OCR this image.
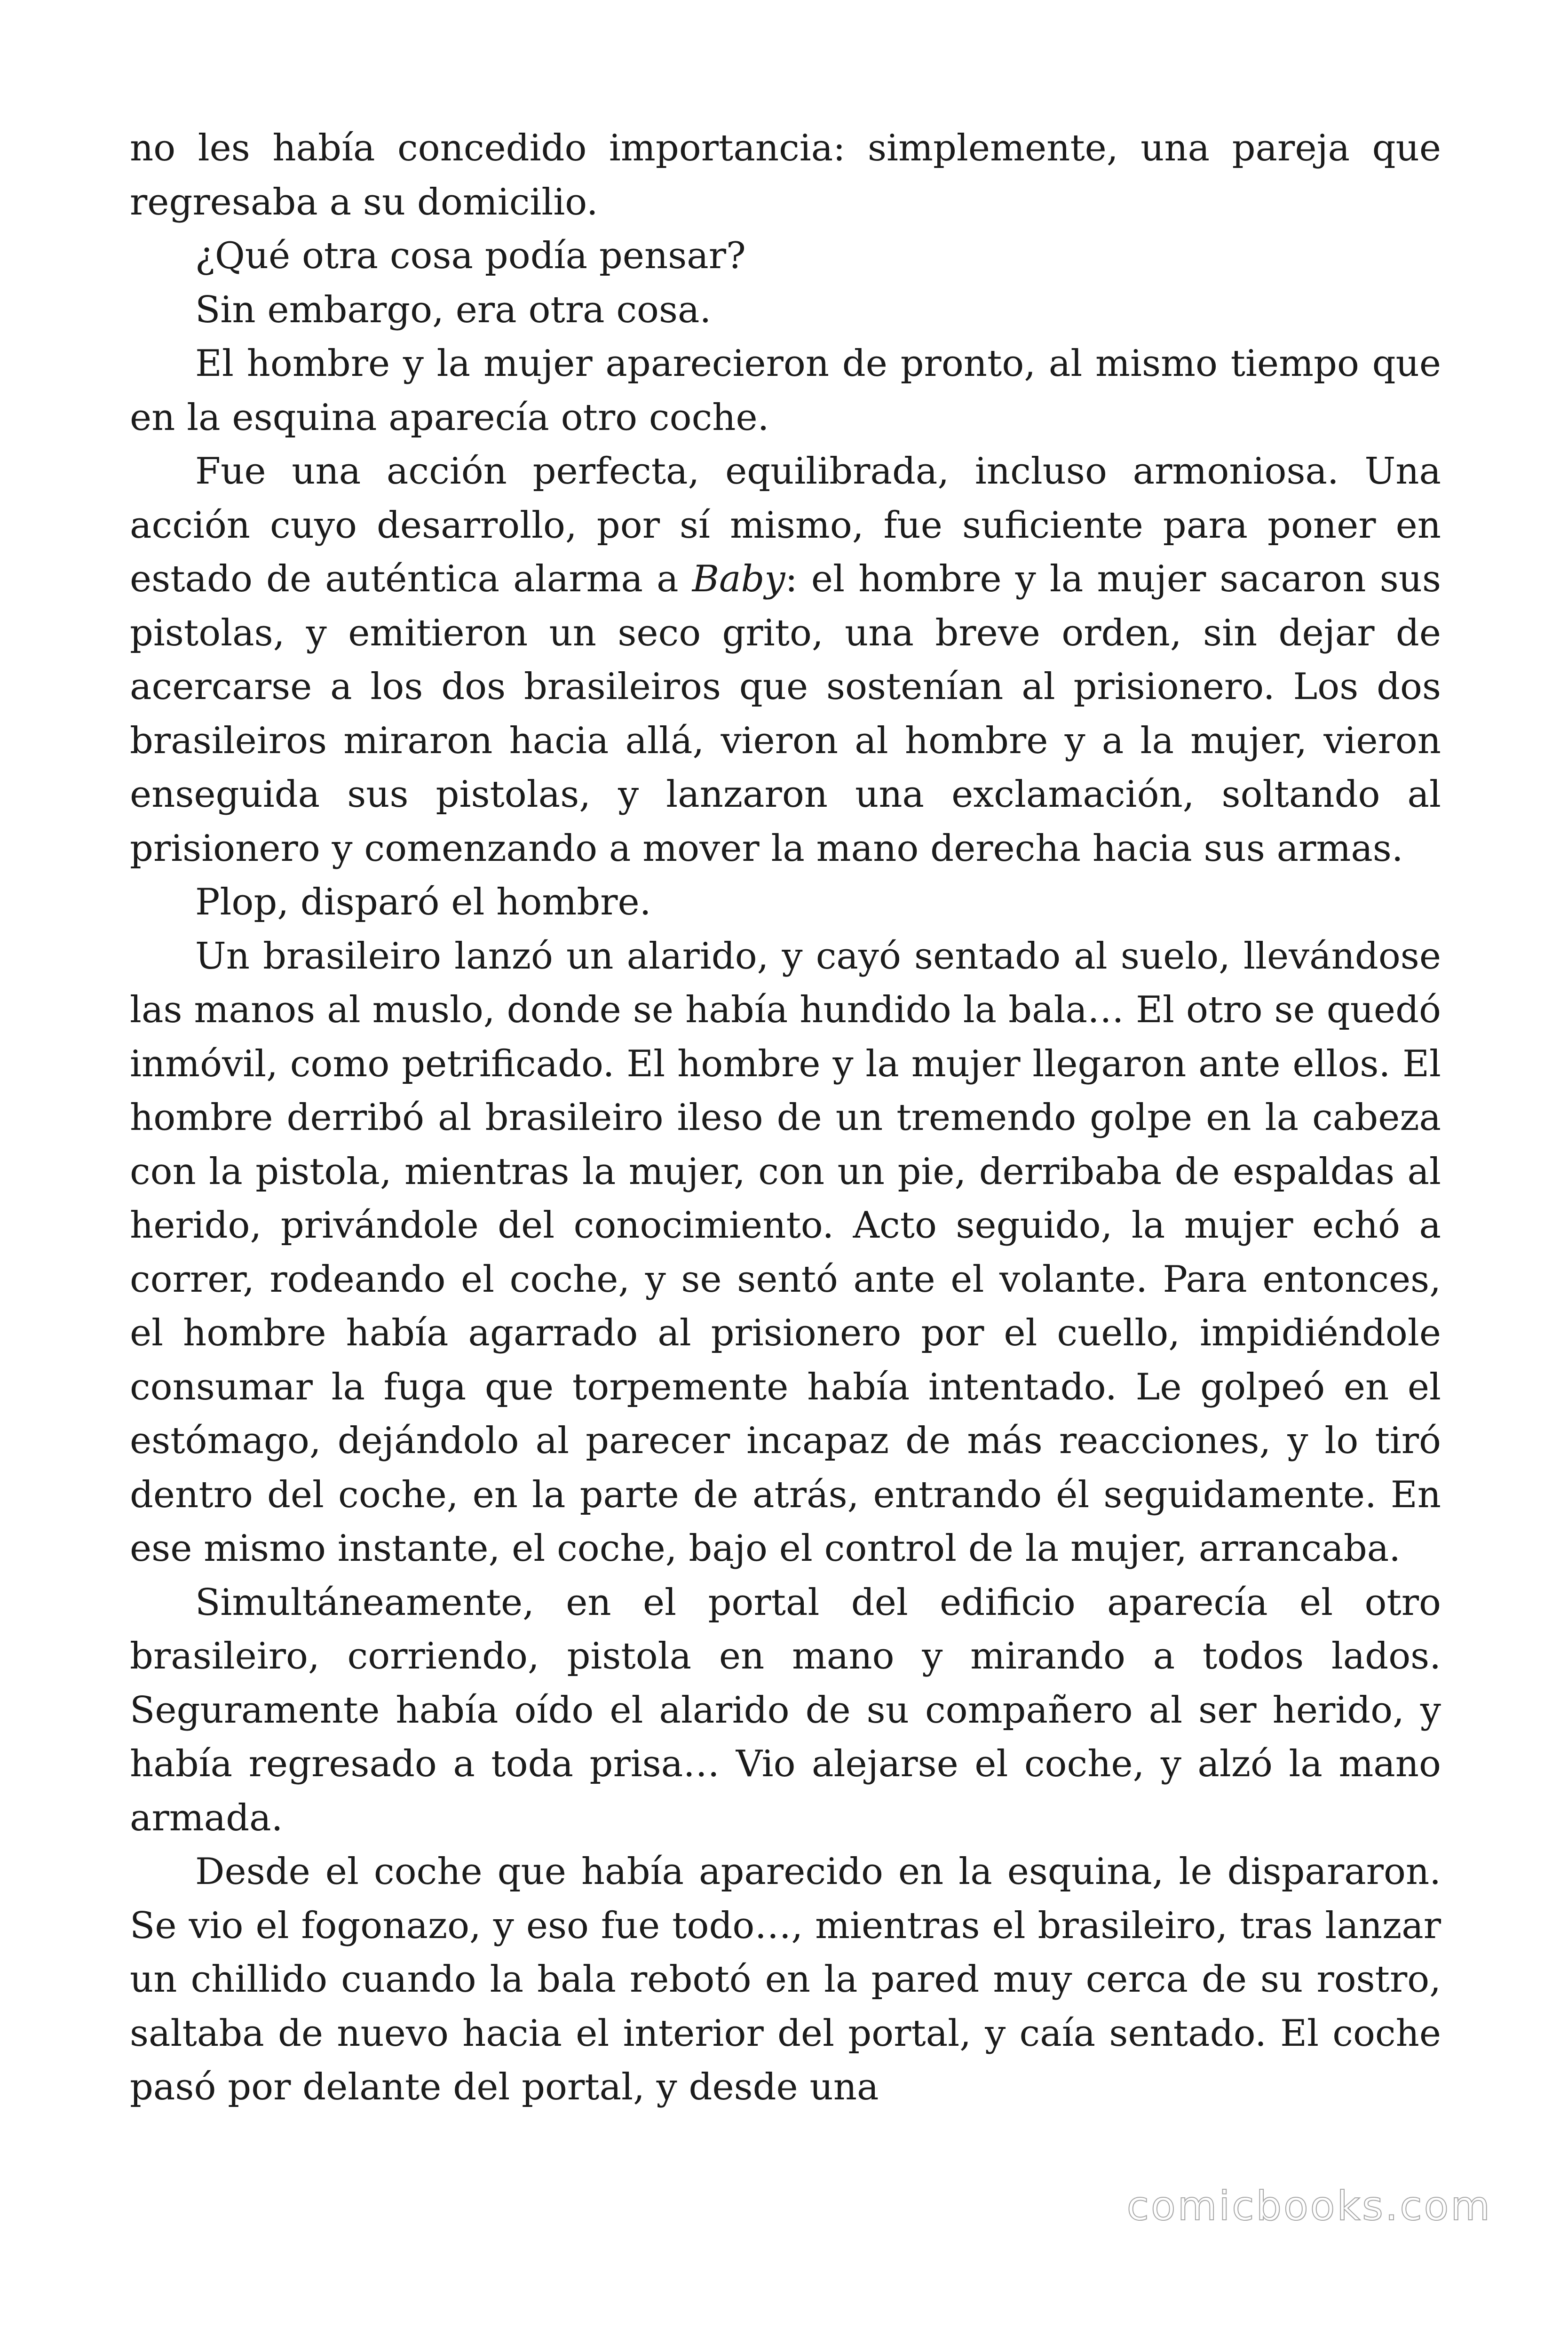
no les había concedido importancia: simplemente, una pareja que regresaba a su domicilio.

¿Qué otra cosa podía pensar?

Sin embargo, era otra cosa.

El hombre y la mujer aparecieron de pronto, al mismo tiempo que en la esquina aparecía otro coche.

Fue una acción perfecta, equilibrada, incluso armoniosa. Una acción cuyo desarrollo, por sí mismo, fue suficiente para poner en estado de auténtica alarma a Baby: el hombre y la mujer sacaron sus pistolas, y emitieron un seco grito, una breve orden, sin dejar de acercarse a los dos brasileiros que sostenían al prisionero. Los dos brasileiros miraron hacia allá, vieron al hombre y a la mujer, vieron enseguida sus pistolas, y lanzaron una exclamación, soltando al prisionero y comenzando a mover la mano derecha hacia sus armas.

Plop, disparó el hombre.

Un brasileiro lanzó un alarido, y cayó sentado al suelo, llevándose las manos al muslo, donde se había hundido la bala… El otro se quedó inmóvil, como petrificado. El hombre y la mujer llegaron ante ellos. El hombre derribó al brasileiro ileso de un tremendo golpe en la cabeza con la pistola, mientras la mujer, con un pie, derribaba de espaldas al herido, privándole del conocimiento. Acto seguido, la mujer echó a correr, rodeando el coche, y se sentó ante el volante. Para entonces, el hombre había agarrado al prisionero por el cuello, impidiéndole consumar la fuga que torpemente había intentado. Le golpeó en el estómago, dejándolo al parecer incapaz de más reacciones, y lo tiró dentro del coche, en la parte de atrás, entrando él seguidamente. En ese mismo instante, el coche, bajo el control de la mujer, arrancaba.

Simultáneamente, en el portal del edificio aparecía el otro brasileiro, corriendo, pistola en mano y mirando a todos lados. Seguramente había oído el alarido de su compañero al ser herido, y había regresado a toda prisa… Vio alejarse el coche, y alzó la mano armada.

Desde el coche que había aparecido en la esquina, le dispararon. Se vio el fogonazo, y eso fue todo…, mientras el brasileiro, tras lanzar un chillido cuando la bala rebotó en la pared muy cerca de su rostro, saltaba de nuevo hacia el interior del portal, y caía sentado. El coche pasó por delante del portal, y desde una

comicbooks.com
